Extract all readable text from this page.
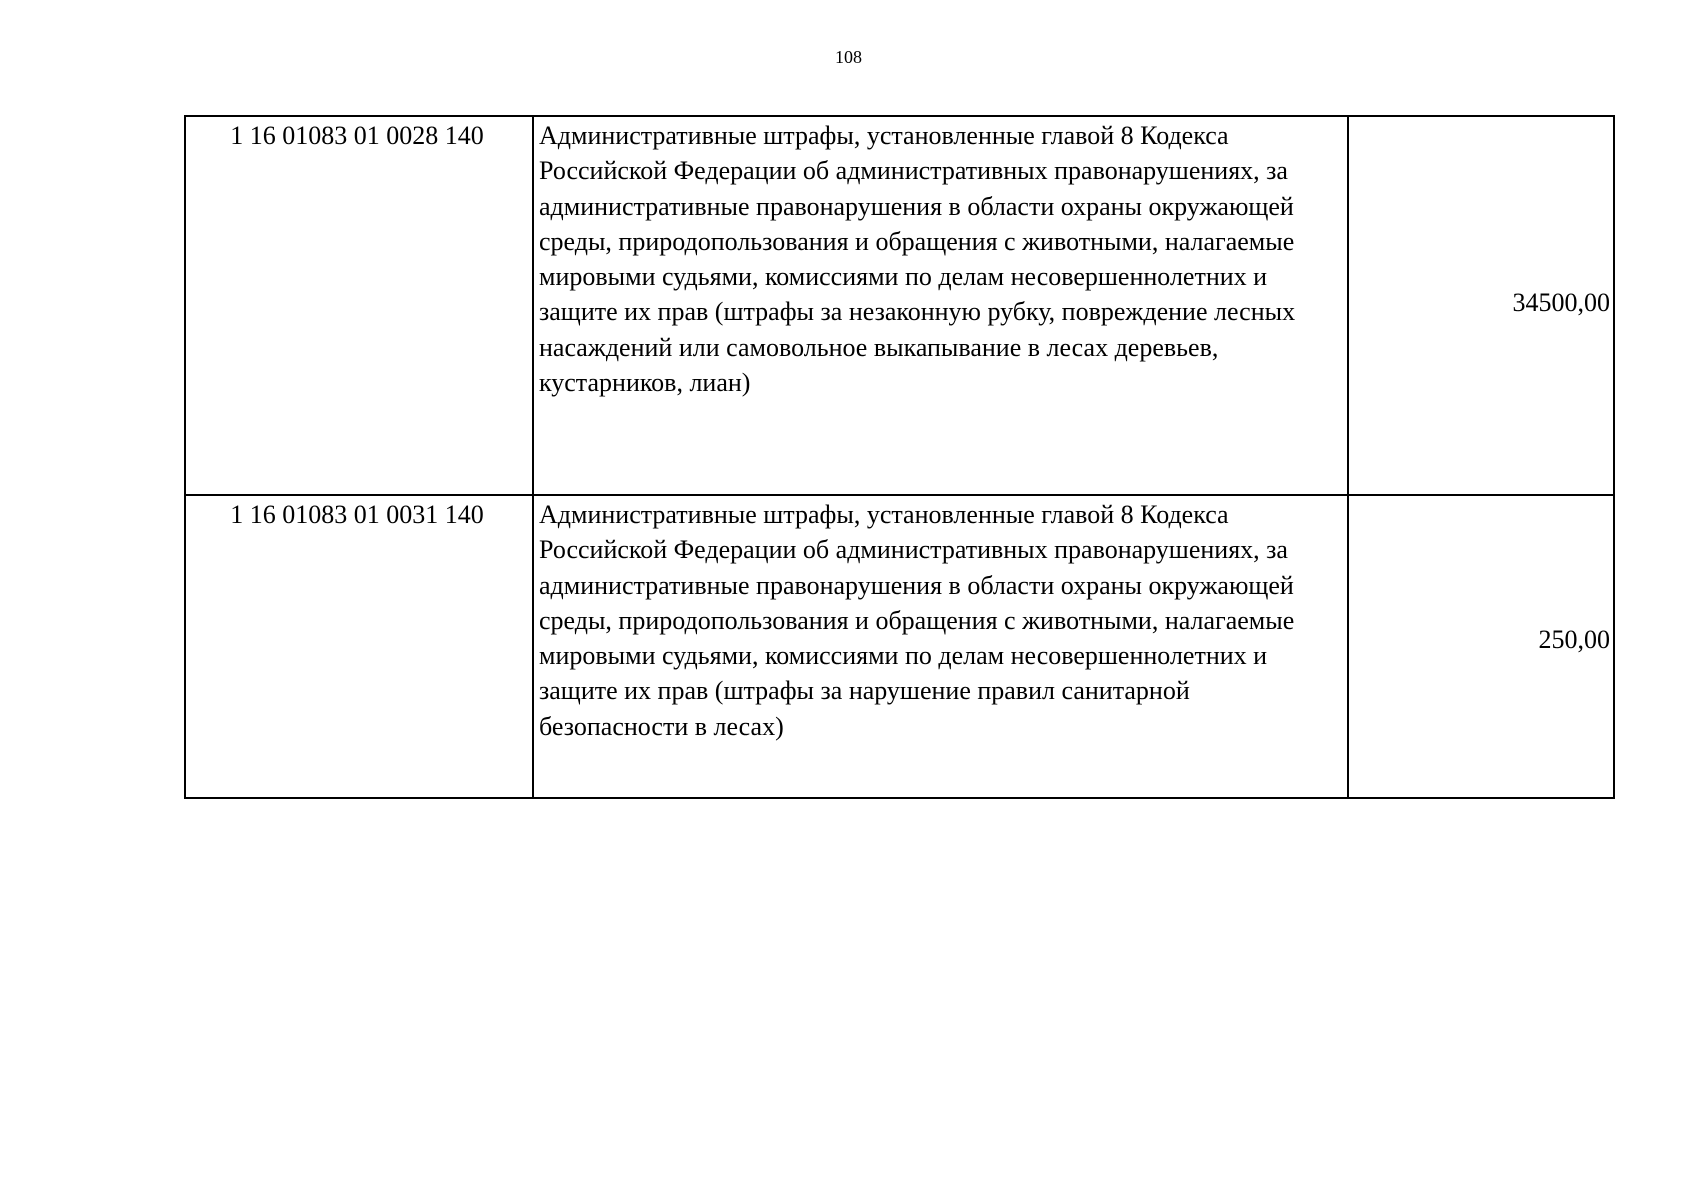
108
1 16 01083 01 0028 140	Административные штрафы, установленные главой 8 Кодекса Российской Федерации об административных правонарушениях, за административные правонарушения в области охраны окружающей среды, природопользования и обращения с животными, налагаемые мировыми судьями, комиссиями по делам несовершеннолетних и защите их прав (штрафы за незаконную рубку, повреждение лесных насаждений или самовольное выкапывание в лесах деревьев, кустарников, лиан)	34500,00
1 16 01083 01 0031 140	Административные штрафы, установленные главой 8 Кодекса Российской Федерации об административных правонарушениях, за административные правонарушения в области охраны окружающей среды, природопользования и обращения с животными, налагаемые мировыми судьями, комиссиями по делам несовершеннолетних и защите их прав (штрафы за нарушение правил санитарной безопасности в лесах)	250,00
